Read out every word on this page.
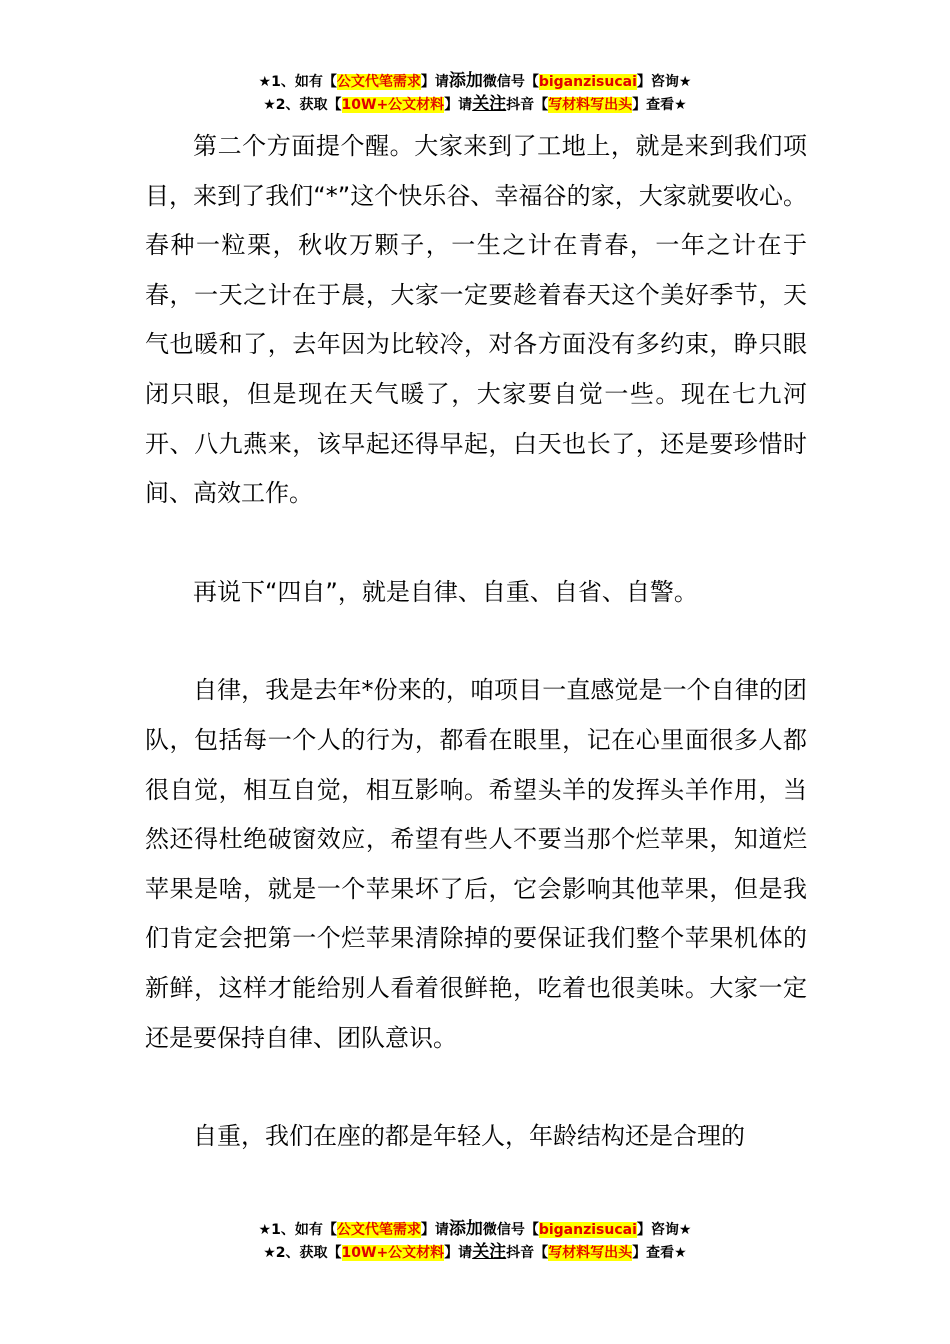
★1、如有【公文代笔需求】请添加微信号【biganzisucai】咨询★
★2、获取【10W+公文材料】请关注抖音【写材料写出头】查看★

第二个方面提个醒。大家来到了工地上，就是来到我们项目，来到了我们“*”这个快乐谷、幸福谷的家，大家就要收心。春种一粒栗，秋收万颗子，一生之计在青春，一年之计在于春，一天之计在于晨，大家一定要趁着春天这个美好季节，天气也暖和了，去年因为比较冷，对各方面没有多约束，睁只眼闭只眼，但是现在天气暖了，大家要自觉一些。现在七九河开、八九燕来，该早起还得早起，白天也长了，还是要珍惜时间、高效工作。

再说下“四自”，就是自律、自重、自省、自警。

自律，我是去年*份来的，咱项目一直感觉是一个自律的团队，包括每一个人的行为，都看在眼里，记在心里面很多人都很自觉，相互自觉，相互影响。希望头羊的发挥头羊作用，当然还得杜绝破窗效应，希望有些人不要当那个烂苹果，知道烂苹果是啥，就是一个苹果坏了后，它会影响其他苹果，但是我们肯定会把第一个烂苹果清除掉的要保证我们整个苹果机体的新鲜，这样才能给别人看着很鲜艳，吃着也很美味。大家一定还是要保持自律、团队意识。

自重，我们在座的都是年轻人，年龄结构还是合理的

★1、如有【公文代笔需求】请添加微信号【biganzisucai】咨询★
★2、获取【10W+公文材料】请关注抖音【写材料写出头】查看★
